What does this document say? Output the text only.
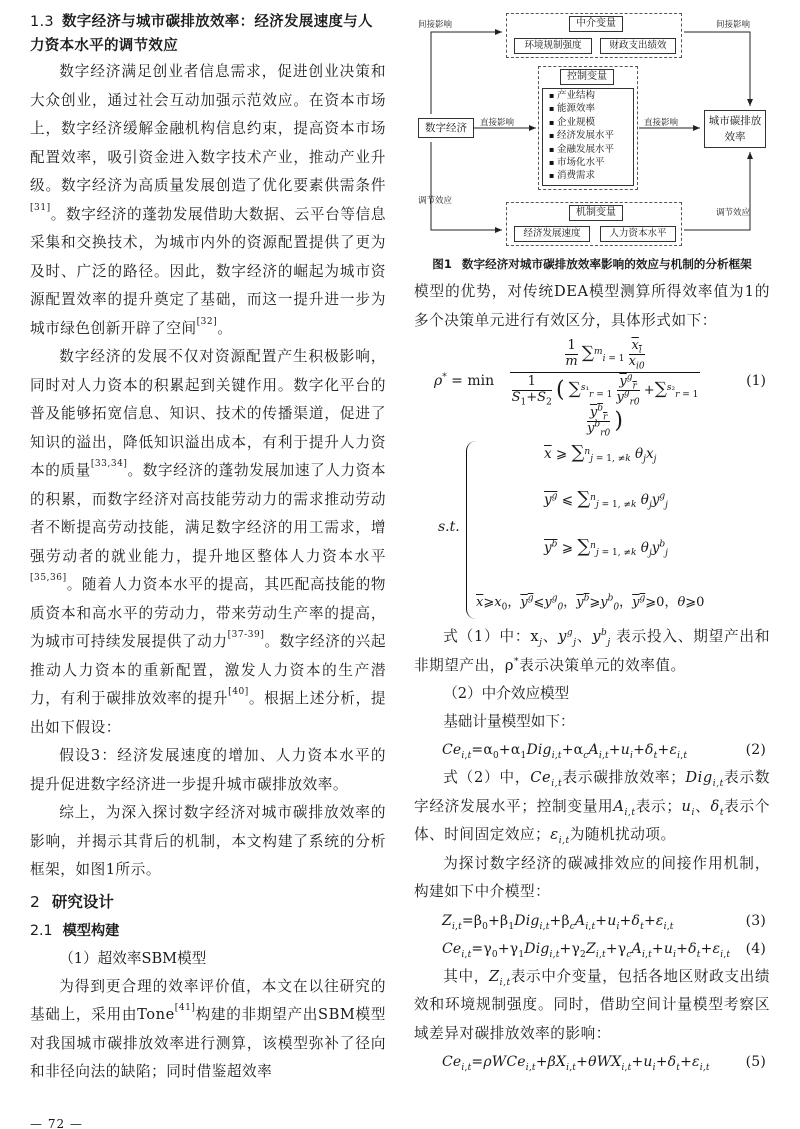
1.3 数字经济与城市碳排放效率：经济发展速度与人力资本水平的调节效应

数字经济满足创业者信息需求，促进创业决策和大众创业，通过社会互动加强示范效应。在资本市场上，数字经济缓解金融机构信息约束，提高资本市场配置效率，吸引资金进入数字技术产业，推动产业升级。数字经济为高质量发展创造了优化要素供需条件[31]。数字经济的蓬勃发展借助大数据、云平台等信息采集和交换技术，为城市内外的资源配置提供了更为及时、广泛的路径。因此，数字经济的崛起为城市资源配置效率的提升奠定了基础，而这一提升进一步为城市绿色创新开辟了空间[32]。

数字经济的发展不仅对资源配置产生积极影响，同时对人力资本的积累起到关键作用。数字化平台的普及能够拓宽信息、知识、技术的传播渠道，促进了知识的溢出，降低知识溢出成本，有利于提升人力资本的质量[33,34]。数字经济的蓬勃发展加速了人力资本的积累，而数字经济对高技能劳动力的需求推动劳动者不断提高劳动技能，满足数字经济的用工需求，增强劳动者的就业能力，提升地区整体人力资本水平[35,36]。随着人力资本水平的提高，其匹配高技能的物质资本和高水平的劳动力，带来劳动生产率的提高，为城市可持续发展提供了动力[37-39]。数字经济的兴起推动人力资本的重新配置，激发人力资本的生产潜力，有利于碳排放效率的提升[40]。根据上述分析，提出如下假设：

假设3：经济发展速度的增加、人力资本水平的提升促进数字经济进一步提升城市碳排放效率。

综上，为深入探讨数字经济对城市碳排放效率的影响，并揭示其背后的机制，本文构建了系统的分析框架，如图1所示。

2 研究设计
2.1 模型构建
（1）超效率SBM模型

为得到更合理的效率评价值，本文在以往研究的基础上，采用由Tone[41]构建的非期望产出SBM模型对我国城市碳排放效率进行测算，该模型弥补了径向和非径向法的缺陷；同时借鉴超效率

中介变量
环境规制强度	财政支出绩效
控制变量
▪ 产业结构
▪ 能源效率
▪ 企业规模
▪ 经济发展水平
▪ 金融发展水平
▪ 市场化水平
▪ 消费需求
数字经济
城市碳排放效率
机制变量
经济发展速度	人力资本水平
间接影响	间接影响
直接影响	直接影响
调节效应
调节效应
图1 数字经济对城市碳排放效率影响的效应与机制的分析框架

模型的优势，对传统DEA模型测算所得效率值为1的多个决策单元进行有效区分，具体形式如下：

ρ* = min
$\frac{1}{m} \sum^m_{i = 1} \frac{x_i}{x_{i0}}$
$\frac{1}{S_1+S_2}$ ( $\sum^{s_1}_{r = 1} \frac{y^g_r}{y^g_{r0}} +\sum^{s_2}_{r = 1}$
$\frac{y^b_r}{y^b_{r0}}$ )
(1)
s.t.
$\overline{x}$ ⩾ ∑$^n_{j = 1, \ne k}$ $\theta_jx_j$
$y^g$ ⩽ ∑$^n_{j = 1, \ne k}$ $\theta_jy^g_j$
$y^b$ ⩾ ∑$^n_{j = 1, \ne k}$ $\theta_jy^b_j$
$\overline{x}⩾x_0$，$y^g⩽y^g_0$，$y^b⩾y^b_0$，$y^g⩾0$，θ⩾0

式（1）中：$x_j$、$y^g_j$、$y^b_j$ 表示投入、期望产出和非期望产出，ρ*表示决策单元的效率值。

（2）中介效应模型
基础计量模型如下：
$Ce_{i,t}=\alpha_0+\alpha_1Dig_{i,t}+\alpha_cA_{i,t}+u_i+\delta_t+\varepsilon_{i,t}$	(2)

式（2）中，$Ce_{i,t}$表示碳排放效率；Dig$_{i,t}$表示数字经济发展水平；控制变量用$A_{i,t}$表示；$u_i$、$\delta_t$表示个体、时间固定效应；$\varepsilon_{i,t}$为随机扰动项。

为探讨数字经济的碳减排效应的间接作用机制，构建如下中介模型：

$Z_{i,t}=\beta_0+\beta_1Dig_{i,t}+\beta_cA_{i,t}+u_i+\delta_t+\varepsilon_{i,t}$	(3)
$Ce_{i,t}=\gamma_0+\gamma_1Dig_{i,t}+\gamma_2Z_{i,t}+\gamma_cA_{i,t}+u_i+\delta_t+\varepsilon_{i,t}$ (4)

其中，$Z_{i,t}$表示中介变量，包括各地区财政支出绩效和环境规制强度。同时，借助空间计量模型考察区域差异对碳排放效率的影响：

$Ce_{i,t}=\rho WCe_{i,t}+\beta X_{i,t}+\theta WX_{i,t}+u_i+\delta_t+\varepsilon_{i,t}$	(5)
— 72 —
